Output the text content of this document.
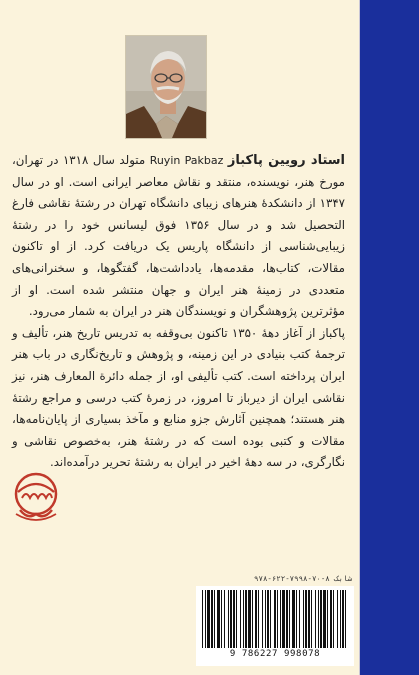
استاد رویین پاکباز Ruyin Pakbaz متولد سال ۱۳۱۸ در تهران، مورخ هنر، نویسنده، منتقد و نقاش معاصر ایرانی است. او در سال ۱۳۴۷ از دانشکدهٔ هنرهای زیبای دانشگاه تهران در رشتهٔ نقاشی فارغ التحصیل شد و در سال ۱۳۵۶ فوق لیسانس خود را در رشتهٔ زیبایی‌شناسی از دانشگاه پاریس یک دریافت کرد. از او تاکنون مقالات، کتاب‌ها، مقدمه‌ها، یادداشت‌ها، گفتگوها، و سخنرانی‌های متعددی در زمینهٔ هنر ایران و جهان منتشر شده است. او از مؤثرترین پژوهشگران و نویسندگان هنر در ایران به شمار می‌رود.

پاکباز از آغاز دههٔ ۱۳۵۰ تاکنون بی‌وقفه به تدریس تاریخ هنر، تألیف و ترجمهٔ کتب بنیادی در این زمینه، و پژوهش و تاریخ‌نگاری در باب هنر ایران پرداخته است. کتب تألیفی او، از جمله دائرة المعارف هنر، نیز نقاشی ایران از دیرباز تا امروز، در زمرهٔ کتب درسی و مراجع رشتهٔ هنر هستند؛ همچنین آثارش جزو منابع و مآخذ بسیاری از پایان‌نامه‌ها، مقالات و کتبی بوده است که در رشتهٔ هنر، به‌خصوص نقاشی و نگارگری، در سه دههٔ اخیر در ایران به رشتهٔ تحریر درآمده‌اند.

شابک ۸-۷۰-۷۹۹۸-۶۲۲-۹۷۸
9 786227 998078
